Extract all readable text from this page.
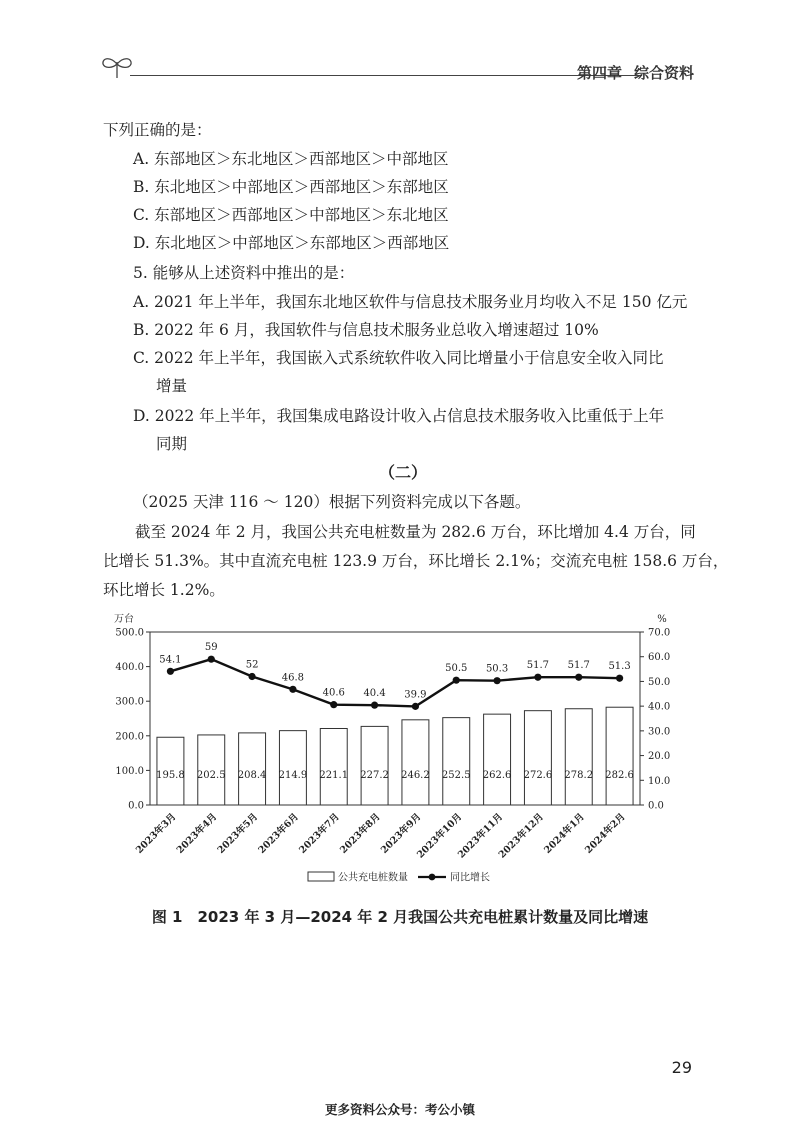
第四章 综合资料
下列正确的是：
A. 东部地区＞东北地区＞西部地区＞中部地区
B. 东北地区＞中部地区＞西部地区＞东部地区
C. 东部地区＞西部地区＞中部地区＞东北地区
D. 东北地区＞中部地区＞东部地区＞西部地区
5. 能够从上述资料中推出的是：
A. 2021 年上半年，我国东北地区软件与信息技术服务业月均收入不足 150 亿元
B. 2022 年 6 月，我国软件与信息技术服务业总收入增速超过 10%
C. 2022 年上半年，我国嵌入式系统软件收入同比增量小于信息安全收入同比
增量
D. 2022 年上半年，我国集成电路设计收入占信息技术服务收入比重低于上年
同期
（二）
（2025 天津 116 ～ 120）根据下列资料完成以下各题。
截至 2024 年 2 月，我国公共充电桩数量为 282.6 万台，环比增加 4.4 万台，同
比增长 51.3%。其中直流充电桩 123.9 万台，环比增长 2.1%；交流充电桩 158.6 万台，
环比增长 1.2%。
万台
0.0
100.0
200.0
300.0
400.0
500.0
%
0.0
10.0
20.0
30.0
40.0
50.0
60.0
70.0
195.8 202.5 208.4 214.9 221.1 227.2 246.2 252.5 262.6 272.6 278.2 282.6
54.1
59
52
46.8
40.6 40.4 39.9
50.5 50.3 51.7 51.7 51.3
2023年3月
2023年4月
2023年5月
2023年6月
2023年7月
2023年8月
2023年9月
2023年10月
2023年11月
2023年12月
2024年1月
2024年2月
公共充电桩数量	同比增长
图 1　2023 年 3 月—2024 年 2 月我国公共充电桩累计数量及同比增速
29
更多资料公众号：考公小镇
